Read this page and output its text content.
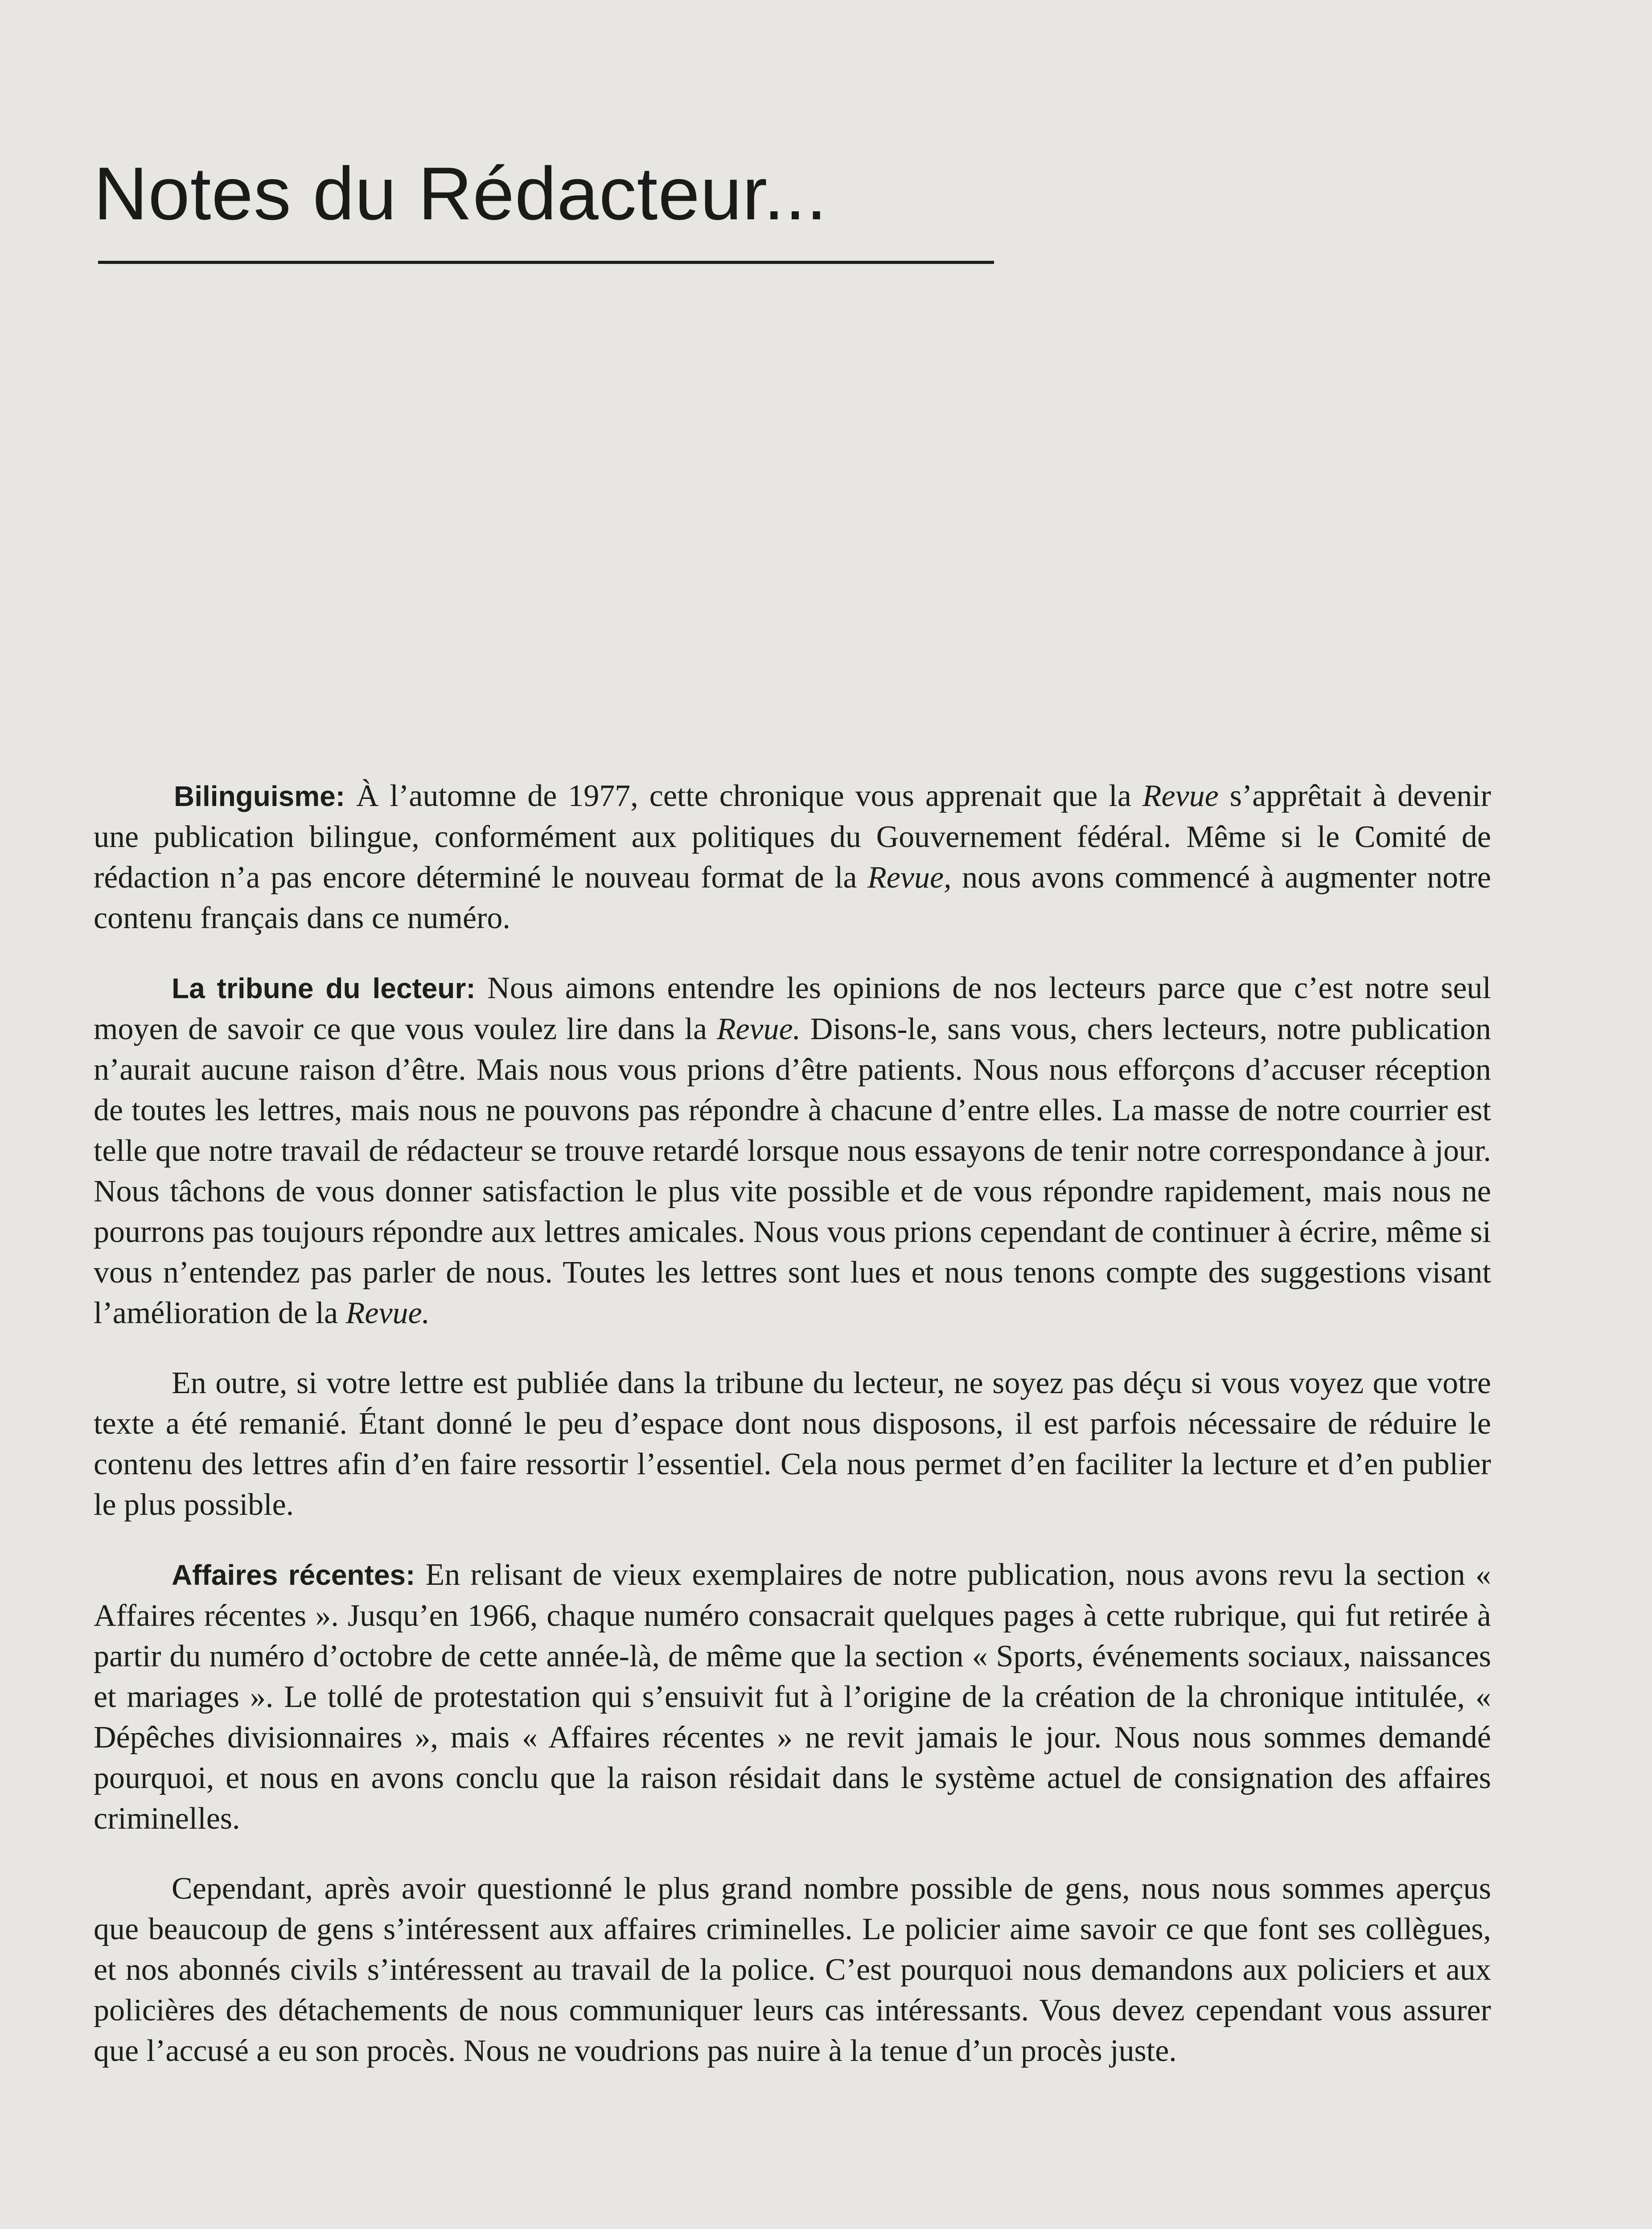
Notes du Rédacteur...

Bilinguisme: À l’automne de 1977, cette chronique vous apprenait que la Revue s’apprêtait à devenir une publication bilingue, conformément aux politiques du Gouvernement fédéral. Même si le Comité de rédaction n’a pas encore déterminé le nouveau format de la Revue, nous avons commencé à augmenter notre contenu français dans ce numéro.

La tribune du lecteur: Nous aimons entendre les opinions de nos lecteurs parce que c’est notre seul moyen de savoir ce que vous voulez lire dans la Revue. Disons-le, sans vous, chers lecteurs, notre publication n’aurait aucune raison d’être. Mais nous vous prions d’être patients. Nous nous efforçons d’accuser réception de toutes les lettres, mais nous ne pouvons pas répondre à chacune d’entre elles. La masse de notre courrier est telle que notre travail de rédacteur se trouve retardé lorsque nous essayons de tenir notre correspondance à jour. Nous tâchons de vous donner satisfaction le plus vite possible et de vous répondre rapidement, mais nous ne pourrons pas toujours répondre aux lettres amicales. Nous vous prions cependant de continuer à écrire, même si vous n’entendez pas parler de nous. Toutes les lettres sont lues et nous tenons compte des suggestions visant l’amélioration de la Revue.

En outre, si votre lettre est publiée dans la tribune du lecteur, ne soyez pas déçu si vous voyez que votre texte a été remanié. Étant donné le peu d’espace dont nous disposons, il est parfois nécessaire de réduire le contenu des lettres afin d’en faire ressortir l’essentiel. Cela nous permet d’en faciliter la lecture et d’en publier le plus possible.

Affaires récentes: En relisant de vieux exemplaires de notre publication, nous avons revu la section « Affaires récentes ». Jusqu’en 1966, chaque numéro consacrait quelques pages à cette rubrique, qui fut retirée à partir du numéro d’octobre de cette année-là, de même que la section « Sports, événements sociaux, naissances et mariages ». Le tollé de protestation qui s’ensuivit fut à l’origine de la création de la chronique intitulée, « Dépêches divisionnaires », mais « Affaires récentes » ne revit jamais le jour. Nous nous sommes demandé pourquoi, et nous en avons conclu que la raison résidait dans le système actuel de consignation des affaires criminelles.

Cependant, après avoir questionné le plus grand nombre possible de gens, nous nous sommes aperçus que beaucoup de gens s’intéressent aux affaires criminelles. Le policier aime savoir ce que font ses collègues, et nos abonnés civils s’intéressent au travail de la police. C’est pourquoi nous demandons aux policiers et aux policières des détachements de nous communiquer leurs cas intéressants. Vous devez cependant vous assurer que l’accusé a eu son procès. Nous ne voudrions pas nuire à la tenue d’un procès juste.
